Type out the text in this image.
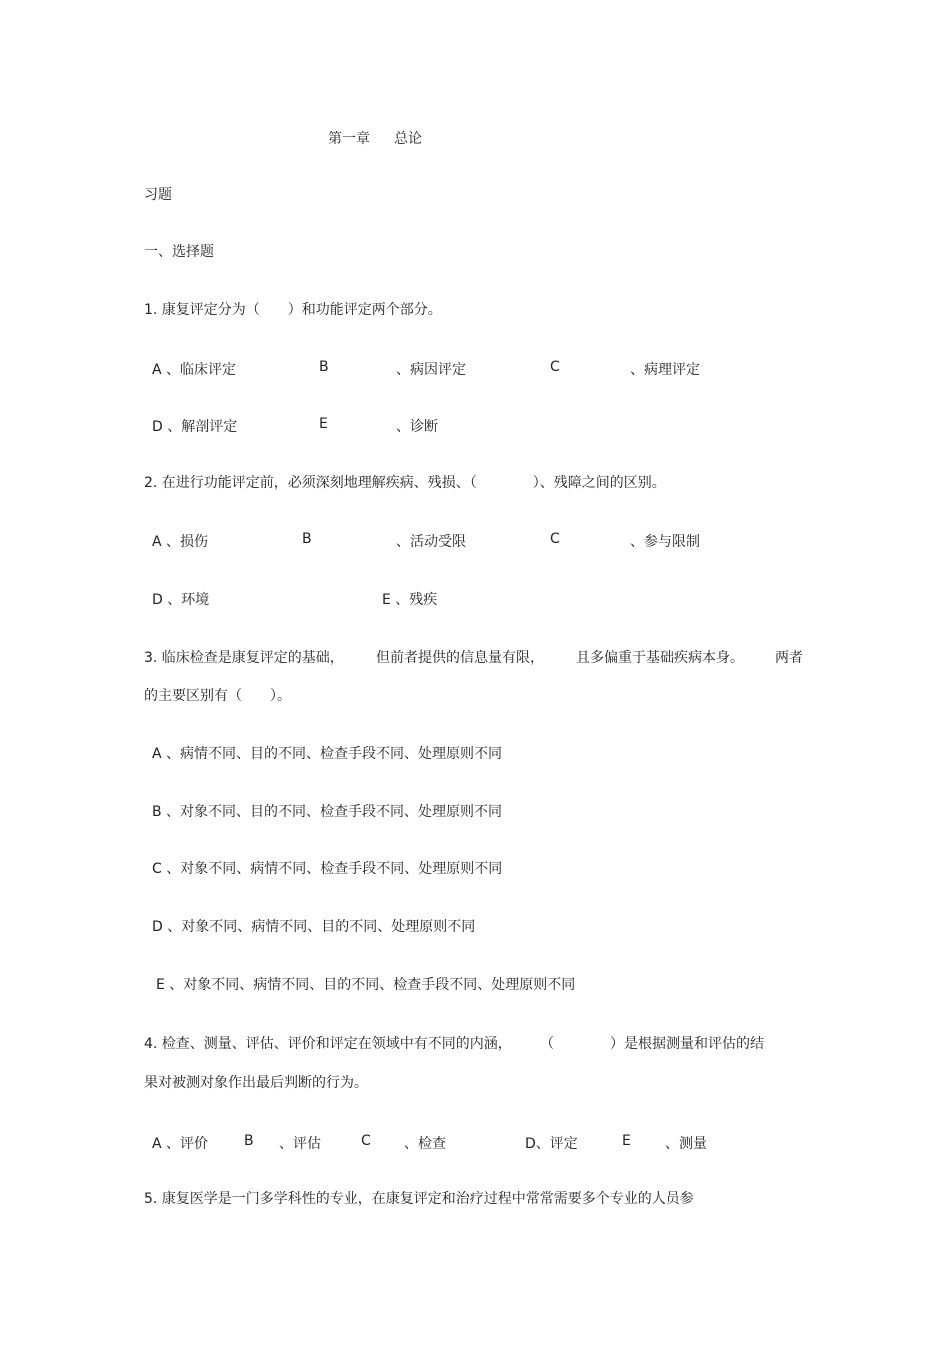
第一章 总论
习题
一、选择题
1. 康复评定分为（　　）和功能评定两个部分。
A 、临床评定	B	、病因评定	C	、病理评定
D 、解剖评定	E	、诊断
2. 在进行功能评定前，必须深刻地理解疾病、残损、（　　　　）、残障之间的区别。
A 、损伤	B	、活动受限	C	、参与限制
D 、环境	E 、残疾
3. 临床检查是康复评定的基础， 但前者提供的信息量有限， 且多偏重于基础疾病本身。 两者
的主要区别有（　　）。
A 、病情不同、目的不同、检查手段不同、处理原则不同
B 、对象不同、目的不同、检查手段不同、处理原则不同
C 、对象不同、病情不同、检查手段不同、处理原则不同
D 、对象不同、病情不同、目的不同、处理原则不同
E 、对象不同、病情不同、目的不同、检查手段不同、处理原则不同
4. 检查、测量、评估、评价和评定在领域中有不同的内涵， （　　　　）是根据测量和评估的结
果对被测对象作出最后判断的行为。
A 、评价	B 、评估	C 、检查	D、评定	E 、测量
5. 康复医学是一门多学科性的专业，在康复评定和治疗过程中常常需要多个专业的人员参
